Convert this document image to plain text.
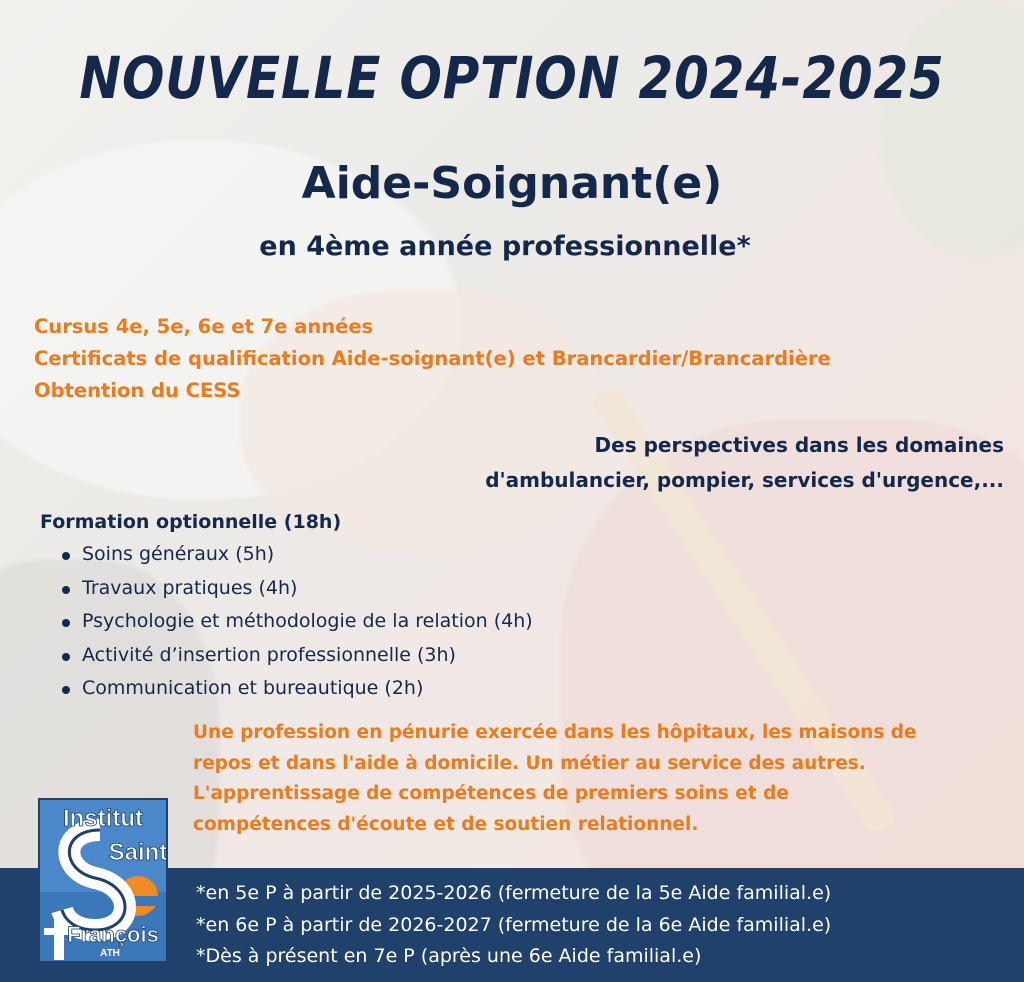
NOUVELLE OPTION 2024-2025
Aide-Soignant(e)
en 4ème année professionnelle*
Cursus 4e, 5e, 6e et 7e années
Certificats de qualification Aide-soignant(e) et Brancardier/Brancardière
Obtention du CESS
Des perspectives dans les domaines
d'ambulancier, pompier, services d'urgence,...
Formation optionnelle (18h)
Soins généraux (5h)
Travaux pratiques (4h)
Psychologie et méthodologie de la relation (4h)
Activité d’insertion professionnelle (3h)
Communication et bureautique (2h)
Une profession en pénurie exercée dans les hôpitaux, les maisons de
repos et dans l'aide à domicile. Un métier au service des autres.
L'apprentissage de compétences de premiers soins et de
compétences d'écoute et de soutien relationnel.
*en 5e P à partir de 2025-2026 (fermeture de la 5e Aide familial.e)
*en 6e P à partir de 2026-2027 (fermeture de la 6e Aide familial.e)
*Dès à présent en 7e P (après une 6e Aide familial.e)
Institut
Saint
François
ATH
